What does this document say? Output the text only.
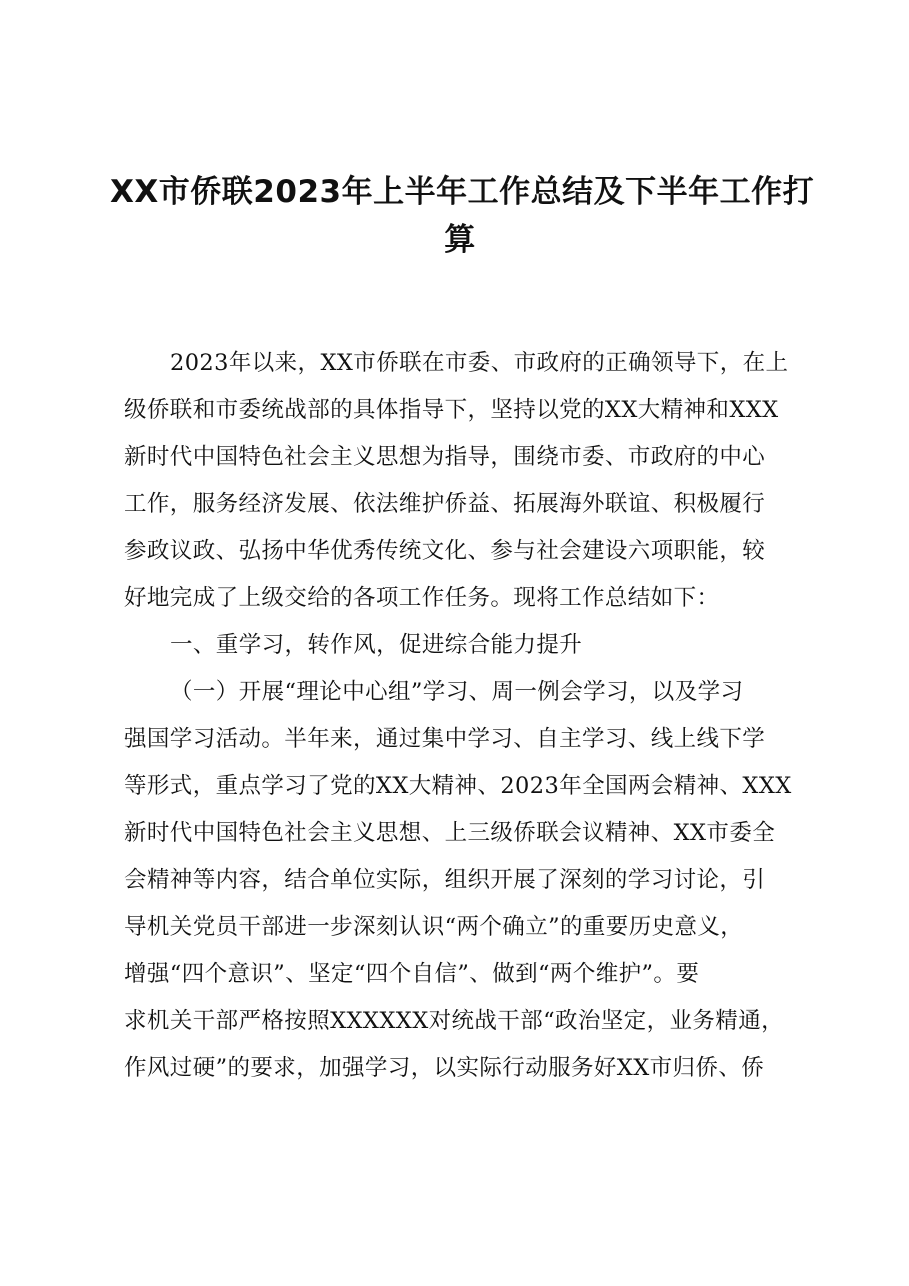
XX市侨联2023年上半年工作总结及下半年工作打
算
2023年以来，XX市侨联在市委、市政府的正确领导下，在上
级侨联和市委统战部的具体指导下，坚持以党的XX大精神和XXX
新时代中国特色社会主义思想为指导，围绕市委、市政府的中心
工作，服务经济发展、依法维护侨益、拓展海外联谊、积极履行
参政议政、弘扬中华优秀传统文化、参与社会建设六项职能，较
好地完成了上级交给的各项工作任务。现将工作总结如下：
一、重学习，转作风，促进综合能力提升
（一）开展“理论中心组”学习、周一例会学习，以及学习
强国学习活动。半年来，通过集中学习、自主学习、线上线下学
等形式，重点学习了党的XX大精神、2023年全国两会精神、XXX
新时代中国特色社会主义思想、上三级侨联会议精神、XX市委全
会精神等内容，结合单位实际，组织开展了深刻的学习讨论，引
导机关党员干部进一步深刻认识“两个确立”的重要历史意义，
增强“四个意识”、坚定“四个自信”、做到“两个维护”。要
求机关干部严格按照XXXXXX对统战干部“政治坚定，业务精通，
作风过硬”的要求，加强学习，以实际行动服务好XX市归侨、侨
